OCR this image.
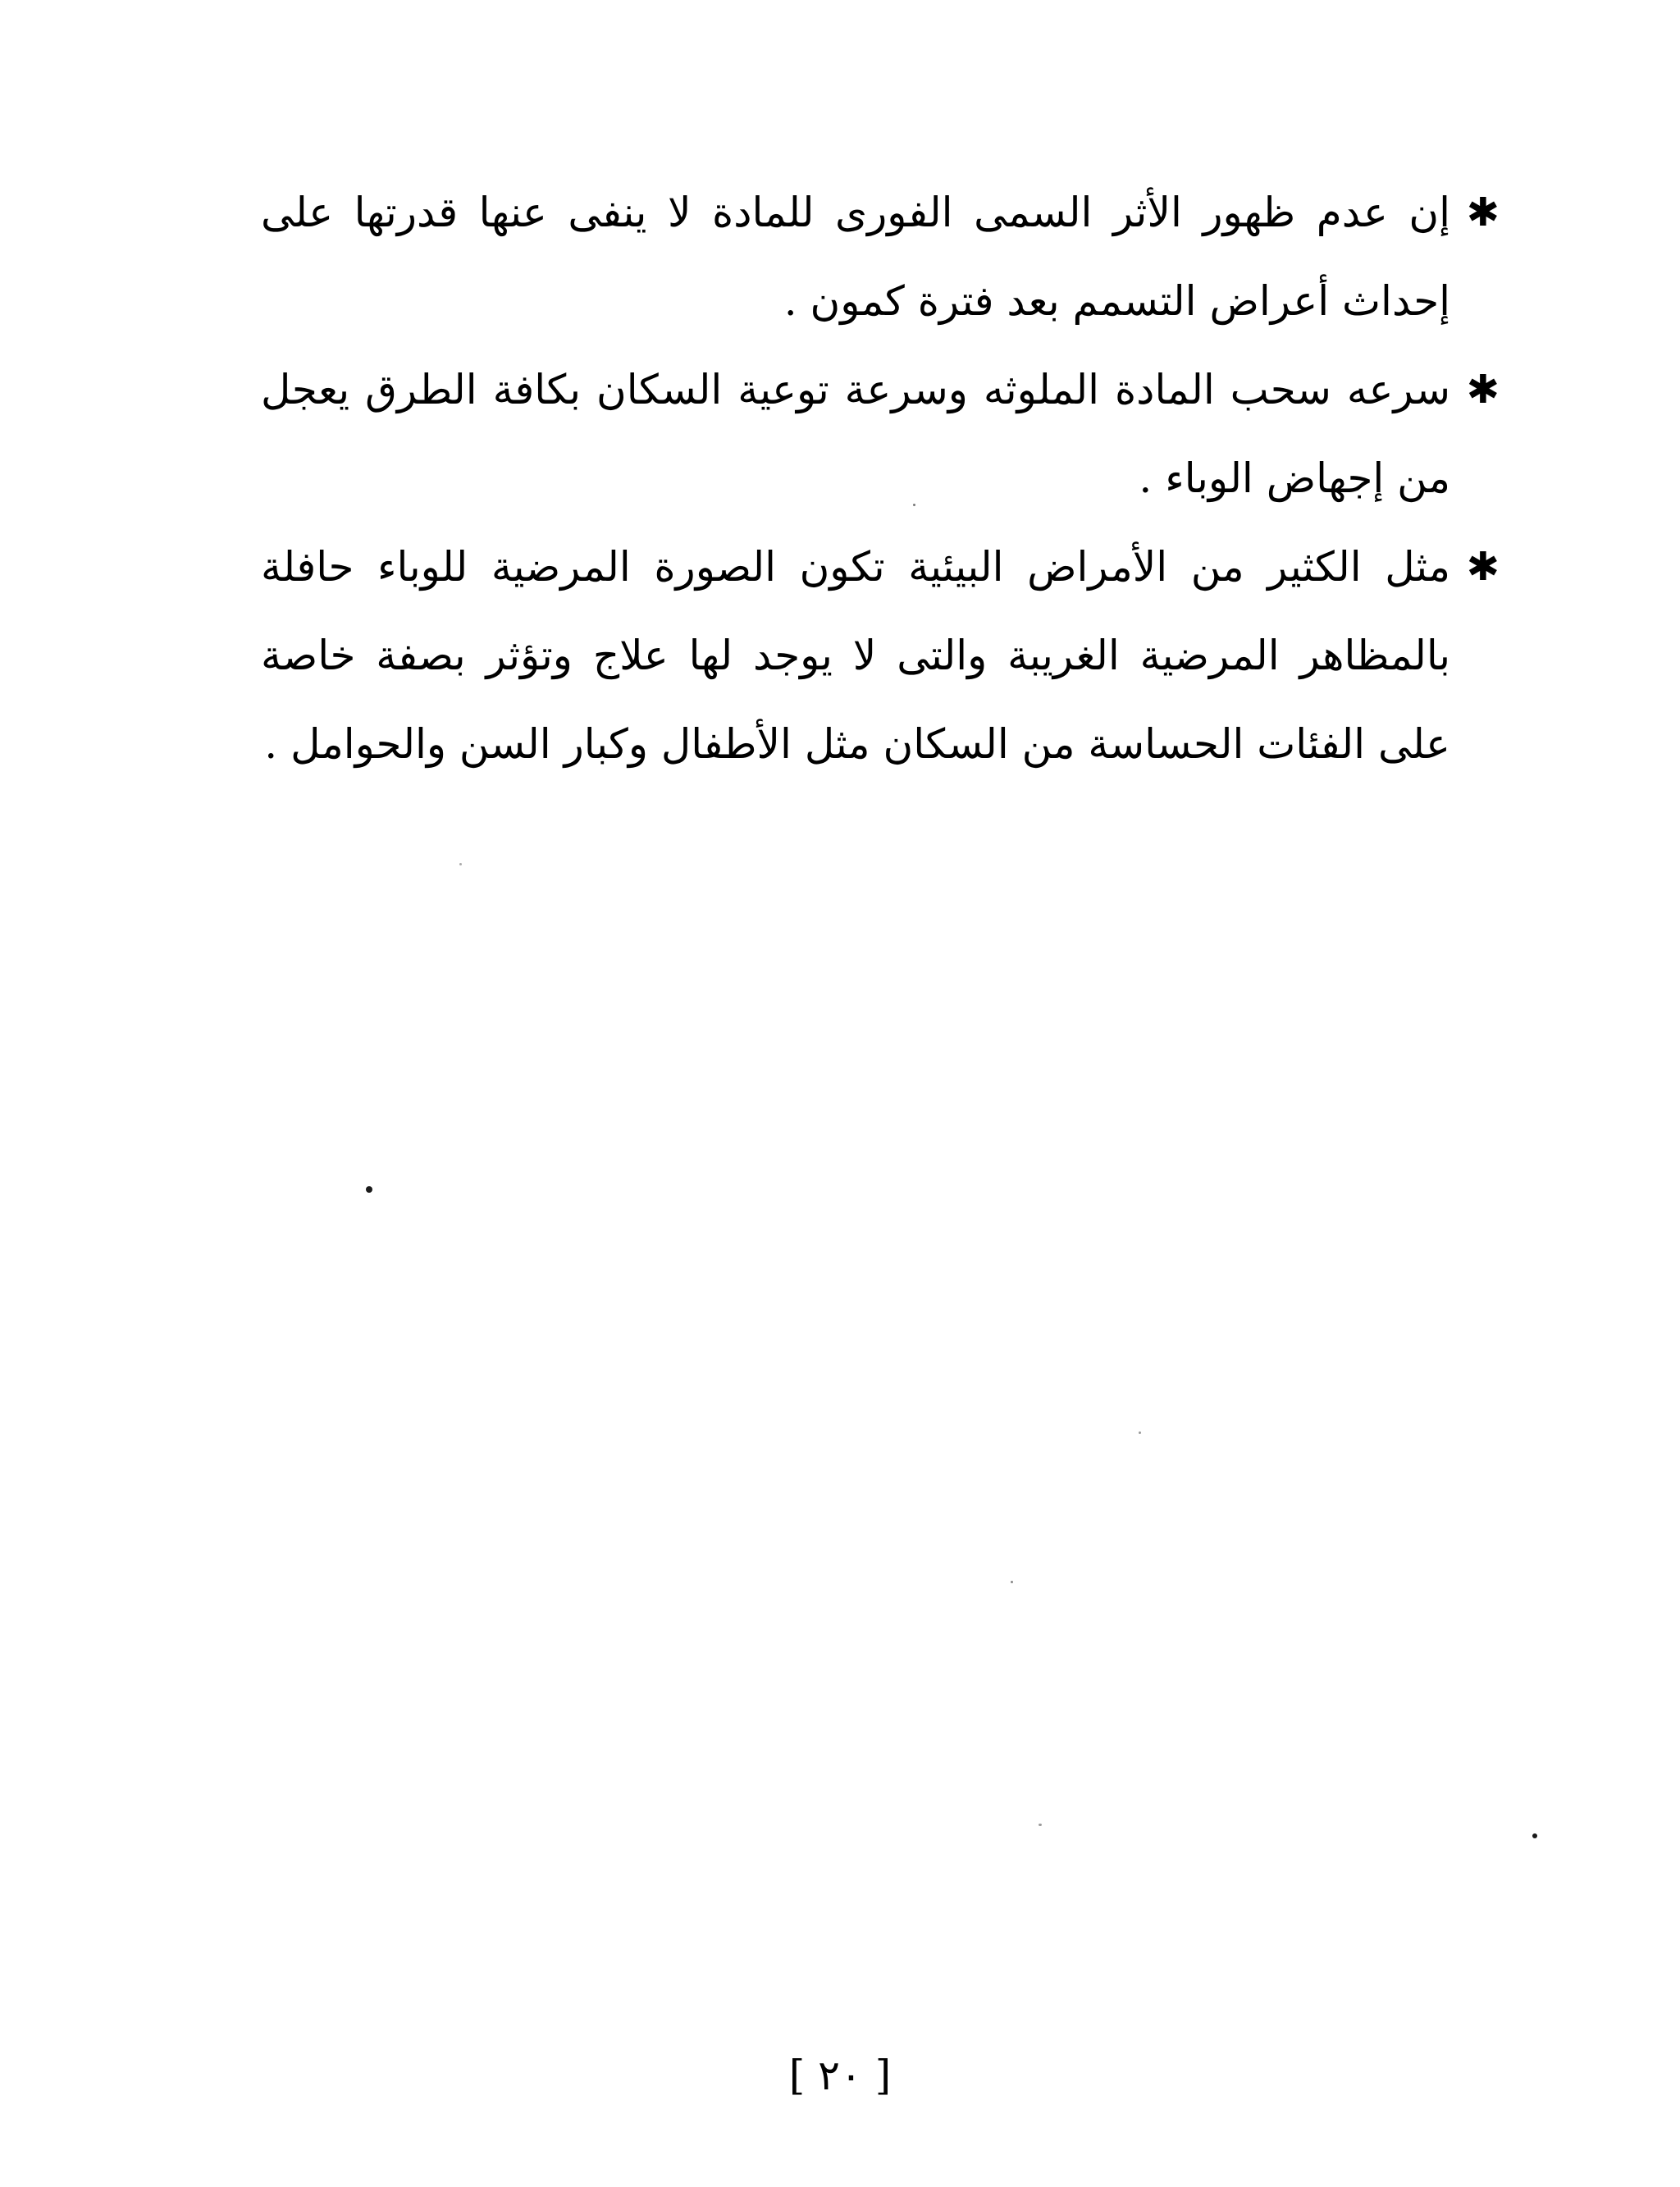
✱
إن عدم ظهور الأثر السمى الفورى للمادة لا ينفى عنها قدرتها على إحداث أعراض التسمم بعد فترة كمون .
✱
سرعه سحب المادة الملوثه وسرعة توعية السكان بكافة الطرق يعجل من إجهاض الوباء .
✱
مثل الكثير من الأمراض البيئية تكون الصورة المرضية للوباء حافلة بالمظاهر المرضية الغريبة والتى لا يوجد لها علاج وتؤثر بصفة خاصة على الفئات الحساسة من السكان مثل الأطفال وكبار السن والحوامل .
[ ٢٠ ]
